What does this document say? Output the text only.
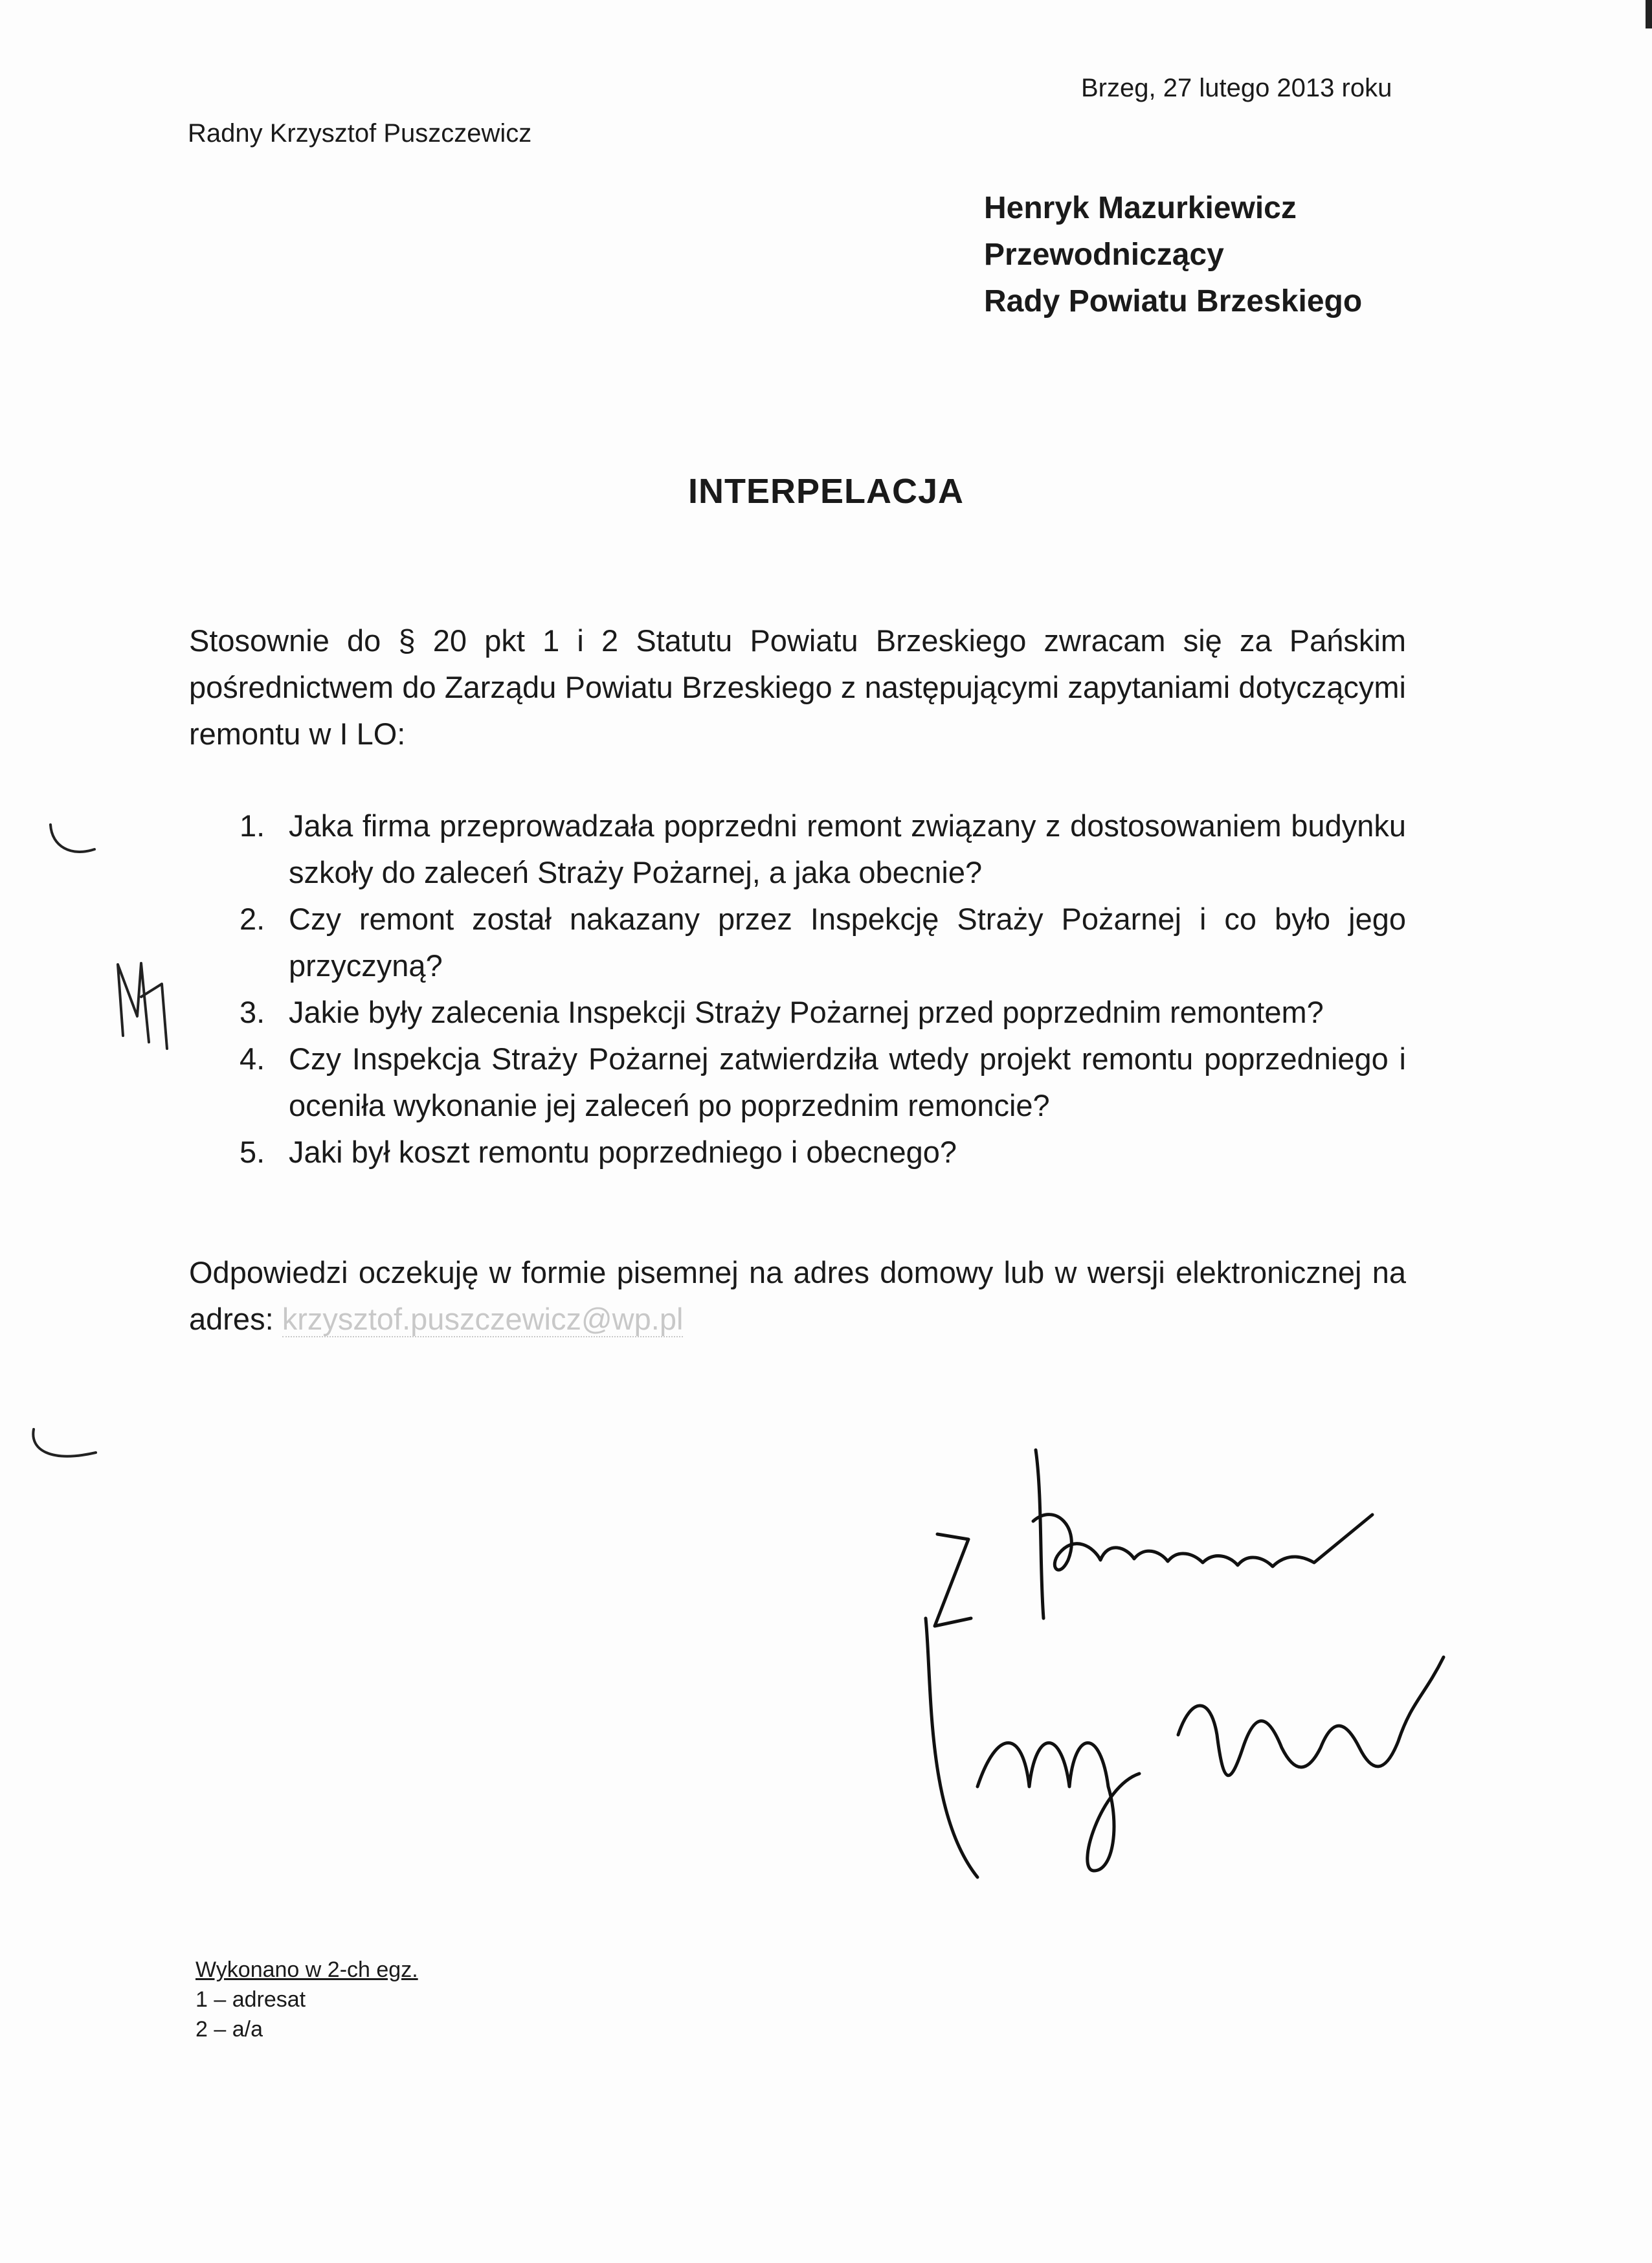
Brzeg, 27 lutego 2013 roku
Radny Krzysztof Puszczewicz
Henryk Mazurkiewicz
Przewodniczący
Rady Powiatu Brzeskiego
INTERPELACJA
Stosownie do § 20 pkt 1 i 2 Statutu Powiatu Brzeskiego zwracam się za Pańskim pośrednictwem do Zarządu Powiatu Brzeskiego z następującymi zapytaniami dotyczącymi remontu w I LO:
1. Jaka firma przeprowadzała poprzedni remont związany z dostosowaniem budynku szkoły do zaleceń Straży Pożarnej, a jaka obecnie?
2. Czy remont został nakazany przez Inspekcję Straży Pożarnej i co było jego przyczyną?
3. Jakie były zalecenia Inspekcji Straży Pożarnej przed poprzednim remontem?
4. Czy Inspekcja Straży Pożarnej zatwierdziła wtedy projekt remontu poprzedniego i oceniła wykonanie jej zaleceń po poprzednim remoncie?
5. Jaki był koszt remontu poprzedniego i obecnego?
Odpowiedzi oczekuję w formie pisemnej na adres domowy lub w wersji elektronicznej na adres: krzysztof.puszczewicz@wp.pl
Wykonano w 2-ch egz.
1 – adresat
2 – a/a
